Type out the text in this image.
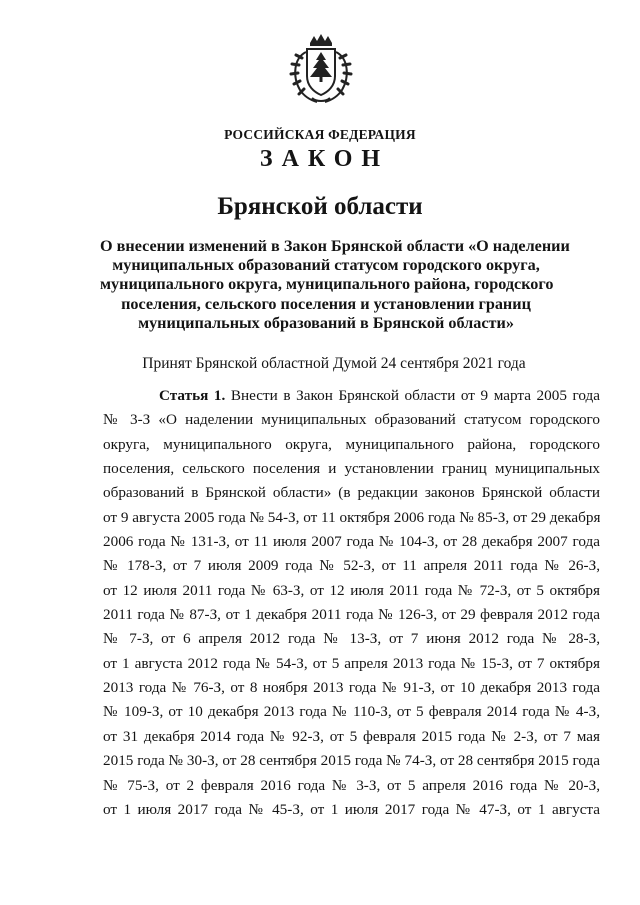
РОССИЙСКАЯ ФЕДЕРАЦИЯ
ЗАКОН
Брянской области
О внесении изменений в Закон Брянской области «О наделении
муниципальных образований статусом городского округа,
муниципального округа, муниципального района, городского
поселения, сельского поселения и установлении границ
муниципальных образований в Брянской области»
Принят Брянской областной Думой 24 сентября 2021 года
Статья 1. Внести в Закон Брянской области от 9 марта 2005 года
№ 3-З «О наделении муниципальных образований статусом городского
округа, муниципального округа, муниципального района, городского
поселения, сельского поселения и установлении границ муниципальных
образований в Брянской области» (в редакции законов Брянской области
от 9 августа 2005 года № 54-З, от 11 октября 2006 года № 85-З, от 29 декабря
2006 года № 131-З, от 11 июля 2007 года № 104-З, от 28 декабря 2007 года
№ 178-З, от 7 июля 2009 года № 52-З, от 11 апреля 2011 года № 26-З,
от 12 июля 2011 года № 63-З, от 12 июля 2011 года № 72-З, от 5 октября
2011 года № 87-З, от 1 декабря 2011 года № 126-З, от 29 февраля 2012 года
№ 7-З, от 6 апреля 2012 года № 13-З, от 7 июня 2012 года № 28-З,
от 1 августа 2012 года № 54-З, от 5 апреля 2013 года № 15-З, от 7 октября
2013 года № 76-З, от 8 ноября 2013 года № 91-З, от 10 декабря 2013 года
№ 109-З, от 10 декабря 2013 года № 110-З, от 5 февраля 2014 года № 4-З,
от 31 декабря 2014 года № 92-З, от 5 февраля 2015 года № 2-З, от 7 мая
2015 года № 30-З, от 28 сентября 2015 года № 74-З, от 28 сентября 2015 года
№ 75-З, от 2 февраля 2016 года № 3-З, от 5 апреля 2016 года № 20-З,
от 1 июля 2017 года № 45-З, от 1 июля 2017 года № 47-З, от 1 августа
